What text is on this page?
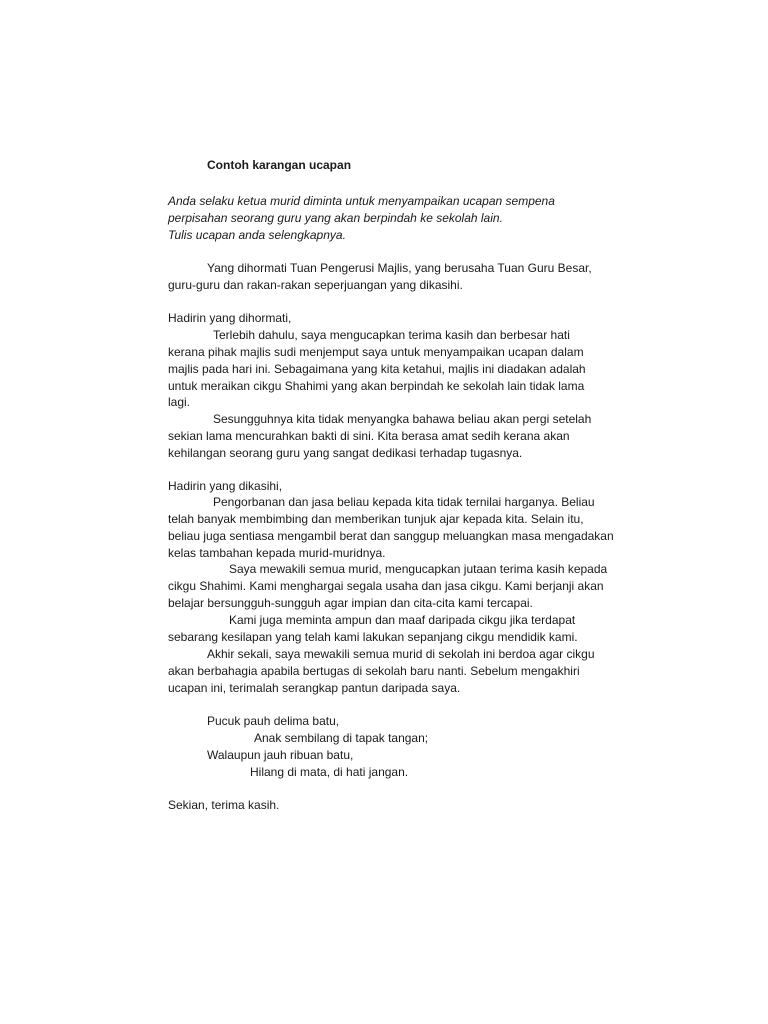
Contoh karangan ucapan
Anda selaku ketua murid diminta untuk menyampaikan ucapan sempena
perpisahan seorang guru yang akan berpindah ke sekolah lain.
Tulis ucapan anda selengkapnya.
Yang dihormati Tuan Pengerusi Majlis, yang berusaha Tuan Guru Besar,
guru-guru dan rakan-rakan seperjuangan yang dikasihi.
Hadirin yang dihormati,
Terlebih dahulu, saya mengucapkan terima kasih dan berbesar hati
kerana pihak majlis sudi menjemput saya untuk menyampaikan ucapan dalam
majlis pada hari ini. Sebagaimana yang kita ketahui, majlis ini diadakan adalah
untuk meraikan cikgu Shahimi yang akan berpindah ke sekolah lain tidak lama
lagi.
Sesungguhnya kita tidak menyangka bahawa beliau akan pergi setelah
sekian lama mencurahkan bakti di sini. Kita berasa amat sedih kerana akan
kehilangan seorang guru yang sangat dedikasi terhadap tugasnya.
Hadirin yang dikasihi,
Pengorbanan dan jasa beliau kepada kita tidak ternilai harganya. Beliau
telah banyak membimbing dan memberikan tunjuk ajar kepada kita. Selain itu,
beliau juga sentiasa mengambil berat dan sanggup meluangkan masa mengadakan
kelas tambahan kepada murid-muridnya.
Saya mewakili semua murid, mengucapkan jutaan terima kasih kepada
cikgu Shahimi. Kami menghargai segala usaha dan jasa cikgu. Kami berjanji akan
belajar bersungguh-sungguh agar impian dan cita-cita kami tercapai.
Kami juga meminta ampun dan maaf daripada cikgu jika terdapat
sebarang kesilapan yang telah kami lakukan sepanjang cikgu mendidik kami.
Akhir sekali, saya mewakili semua murid di sekolah ini berdoa agar cikgu
akan berbahagia apabila bertugas di sekolah baru nanti. Sebelum mengakhiri
ucapan ini, terimalah serangkap pantun daripada saya.
Pucuk pauh delima batu,
Anak sembilang di tapak tangan;
Walaupun jauh ribuan batu,
Hilang di mata, di hati jangan.
Sekian, terima kasih.
